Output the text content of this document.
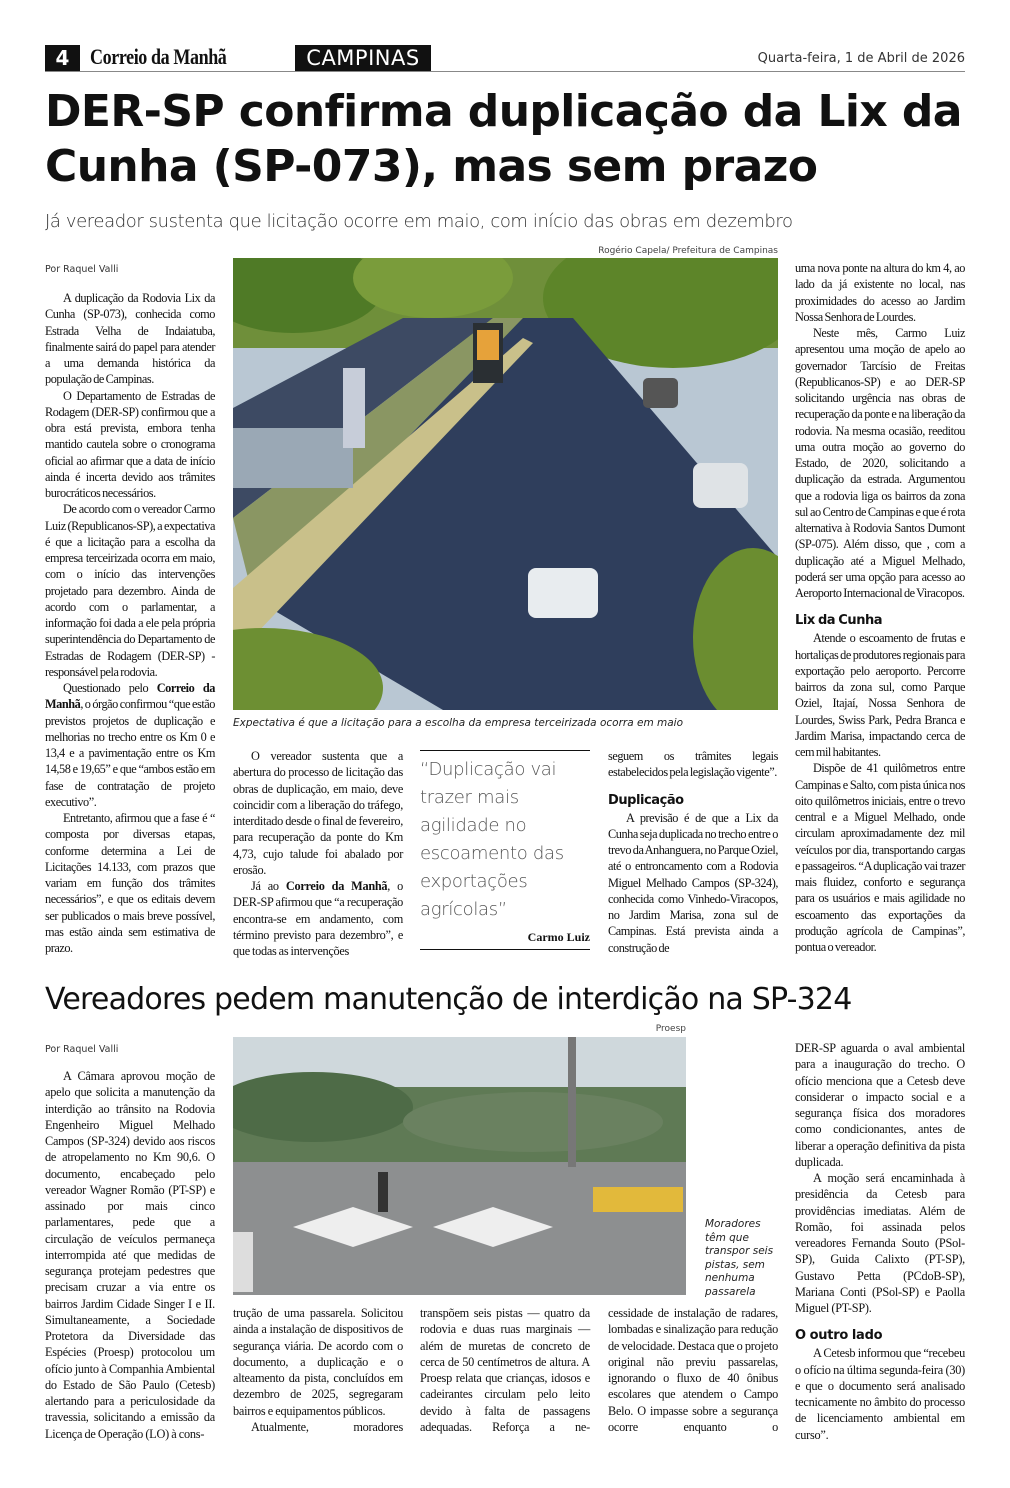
4 Correio da Manhã	CAMPINAS	Quarta-feira, 1 de Abril de 2026
DER-SP confirma duplicação da Lix da Cunha (SP-073), mas sem prazo
Já vereador sustenta que licitação ocorre em maio, com início das obras em dezembro
Rogério Capela/ Prefeitura de Campinas
Por Raquel Valli

A duplicação da Rodovia Lix da Cunha (SP-073), conhecida como Estrada Velha de Indaiatuba, finalmente sairá do papel para atender a uma demanda histórica da população de Campinas.

O Departamento de Estradas de Rodagem (DER-SP) confirmou que a obra está prevista, embora tenha mantido cautela sobre o cronograma oficial ao afirmar que a data de início ainda é incerta devido aos trâmites burocráticos necessários.

De acordo com o vereador Carmo Luiz (Republicanos-SP), a expectativa é que a licitação para a escolha da empresa terceirizada ocorra em maio, com o início das intervenções projetado para dezembro. Ainda de acordo com o parlamentar, a informação foi dada a ele pela própria superintendência do Departamento de Estradas de Rodagem (DER-SP) - responsável pela rodovia.

Questionado pelo Correio da Manhã, o órgão confirmou “que estão previstos projetos de duplicação e melhorias no trecho entre os Km 0 e 13,4 e a pavimentação entre os Km 14,58 e 19,65” e que “ambos estão em fase de contratação de projeto executivo”.

Entretanto, afirmou que a fase é “ composta por diversas etapas, conforme determina a Lei de Licitações 14.133, com prazos que variam em função dos trâmites necessários”, e que os editais devem ser publicados o mais breve possível, mas estão ainda sem estimativa de prazo.

Expectativa é que a licitação para a escolha da empresa terceirizada ocorra em maio

O vereador sustenta que a abertura do processo de licitação das obras de duplicação, em maio, deve coincidir com a liberação do tráfego, interditado desde o final de fevereiro, para recuperação da ponte do Km 4,73, cujo talude foi abalado por erosão.

Já ao Correio da Manhã, o DER-SP afirmou que “a recuperação encontra-se em andamento, com término previsto para dezembro”, e que todas as intervenções

“Duplicação vai trazer mais agilidade no escoamento das exportações agrícolas”
Carmo Luiz

seguem os trâmites legais estabelecidos pela legislação vigente”.

Duplicação

A previsão é de que a Lix da Cunha seja duplicada no trecho entre o trevo da Anhanguera, no Parque Oziel, até o entroncamento com a Rodovia Miguel Melhado Campos (SP-324), conhecida como Vinhedo-Viracopos, no Jardim Marisa, zona sul de Campinas. Está prevista ainda a construção de

uma nova ponte na altura do km 4, ao lado da já existente no local, nas proximidades do acesso ao Jardim Nossa Senhora de Lourdes.

Neste mês, Carmo Luiz apresentou uma moção de apelo ao governador Tarcísio de Freitas (Republicanos-SP) e ao DER-SP solicitando urgência nas obras de recuperação da ponte e na liberação da rodovia. Na mesma ocasião, reeditou uma outra moção ao governo do Estado, de 2020, solicitando a duplicação da estrada. Argumentou que a rodovia liga os bairros da zona sul ao Centro de Campinas e que é rota alternativa à Rodovia Santos Dumont (SP-075). Além disso, que , com a duplicação até a Miguel Melhado, poderá ser uma opção para acesso ao Aeroporto Internacional de Viracopos.

Lix da Cunha

Atende o escoamento de frutas e hortaliças de produtores regionais para exportação pelo aeroporto. Percorre bairros da zona sul, como Parque Oziel, Itajaí, Nossa Senhora de Lourdes, Swiss Park, Pedra Branca e Jardim Marisa, impactando cerca de cem mil habitantes.

Dispõe de 41 quilômetros entre Campinas e Salto, com pista única nos oito quilômetros iniciais, entre o trevo central e a Miguel Melhado, onde circulam aproximadamente dez mil veículos por dia, transportando cargas e passageiros. “A duplicação vai trazer mais fluidez, conforto e segurança para os usuários e mais agilidade no escoamento das exportações da produção agrícola de Campinas”, pontua o vereador.

Vereadores pedem manutenção de interdição na SP-324
Proesp
Por Raquel Valli

A Câmara aprovou moção de apelo que solicita a manutenção da interdição ao trânsito na Rodovia Engenheiro Miguel Melhado Campos (SP-324) devido aos riscos de atropelamento no Km 90,6. O documento, encabeçado pelo vereador Wagner Romão (PT-SP) e assinado por mais cinco parlamentares, pede que a circulação de veículos permaneça interrompida até que medidas de segurança protejam pedestres que precisam cruzar a via entre os bairros Jardim Cidade Singer I e II. Simultaneamente, a Sociedade Protetora da Diversidade das Espécies (Proesp) protocolou um ofício junto à Companhia Ambiental do Estado de São Paulo (Cetesb) alertando para a periculosidade da travessia, solicitando a emissão da Licença de Operação (LO) à cons-

Moradores têm que transpor seis pistas, sem nenhuma passarela

trução de uma passarela. Solicitou ainda a instalação de dispositivos de segurança viária. De acordo com o documento, a duplicação e o alteamento da pista, concluídos em dezembro de 2025, segregaram bairros e equipamentos públicos.

Atualmente, moradores

transpõem seis pistas — quatro da rodovia e duas ruas marginais — além de muretas de concreto de cerca de 50 centímetros de altura. A Proesp relata que crianças, idosos e cadeirantes circulam pelo leito devido à falta de passagens adequadas. Reforça a ne-

cessidade de instalação de radares, lombadas e sinalização para redução de velocidade. Destaca que o projeto original não previu passarelas, ignorando o fluxo de 40 ônibus escolares que atendem o Campo Belo. O impasse sobre a segurança ocorre enquanto o

DER-SP aguarda o aval ambiental para a inauguração do trecho. O ofício menciona que a Cetesb deve considerar o impacto social e a segurança física dos moradores como condicionantes, antes de liberar a operação definitiva da pista duplicada.

A moção será encaminhada à presidência da Cetesb para providências imediatas. Além de Romão, foi assinada pelos vereadores Fernanda Souto (PSol-SP), Guida Calixto (PT-SP), Gustavo Petta (PCdoB-SP), Mariana Conti (PSol-SP) e Paolla Miguel (PT-SP).

O outro lado

A Cetesb informou que “recebeu o ofício na última segunda-feira (30) e que o documento será analisado tecnicamente no âmbito do processo de licenciamento ambiental em curso”.
